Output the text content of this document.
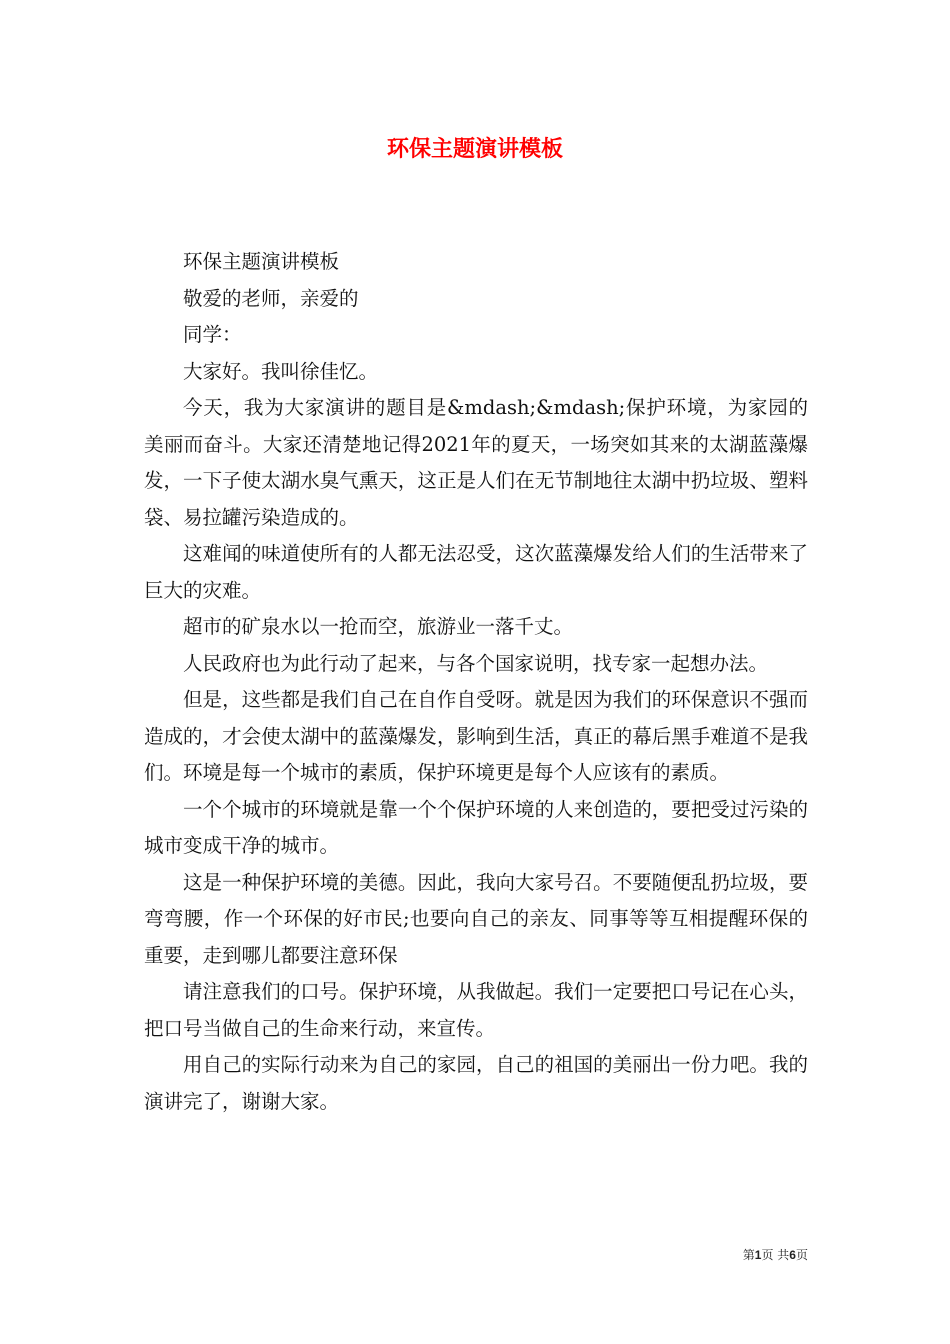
环保主题演讲模板

环保主题演讲模板

敬爱的老师，亲爱的

同学：

大家好。我叫徐佳忆。

今天，我为大家演讲的题目是&mdash;&mdash;保护环境，为家园的美丽而奋斗。大家还清楚地记得2021年的夏天，一场突如其来的太湖蓝藻爆发，一下子使太湖水臭气熏天，这正是人们在无节制地往太湖中扔垃圾、塑料袋、易拉罐污染造成的。

这难闻的味道使所有的人都无法忍受，这次蓝藻爆发给人们的生活带来了巨大的灾难。

超市的矿泉水以一抢而空，旅游业一落千丈。

人民政府也为此行动了起来，与各个国家说明，找专家一起想办法。

但是，这些都是我们自己在自作自受呀。就是因为我们的环保意识不强而造成的，才会使太湖中的蓝藻爆发，影响到生活，真正的幕后黑手难道不是我们。环境是每一个城市的素质，保护环境更是每个人应该有的素质。

一个个城市的环境就是靠一个个保护环境的人来创造的，要把受过污染的城市变成干净的城市。

这是一种保护环境的美德。因此，我向大家号召。不要随便乱扔垃圾，要弯弯腰，作一个环保的好市民;也要向自己的亲友、同事等等互相提醒环保的重要，走到哪儿都要注意环保

请注意我们的口号。保护环境，从我做起。我们一定要把口号记在心头，把口号当做自己的生命来行动，来宣传。

用自己的实际行动来为自己的家园，自己的祖国的美丽出一份力吧。我的演讲完了，谢谢大家。

第1页 共6页
